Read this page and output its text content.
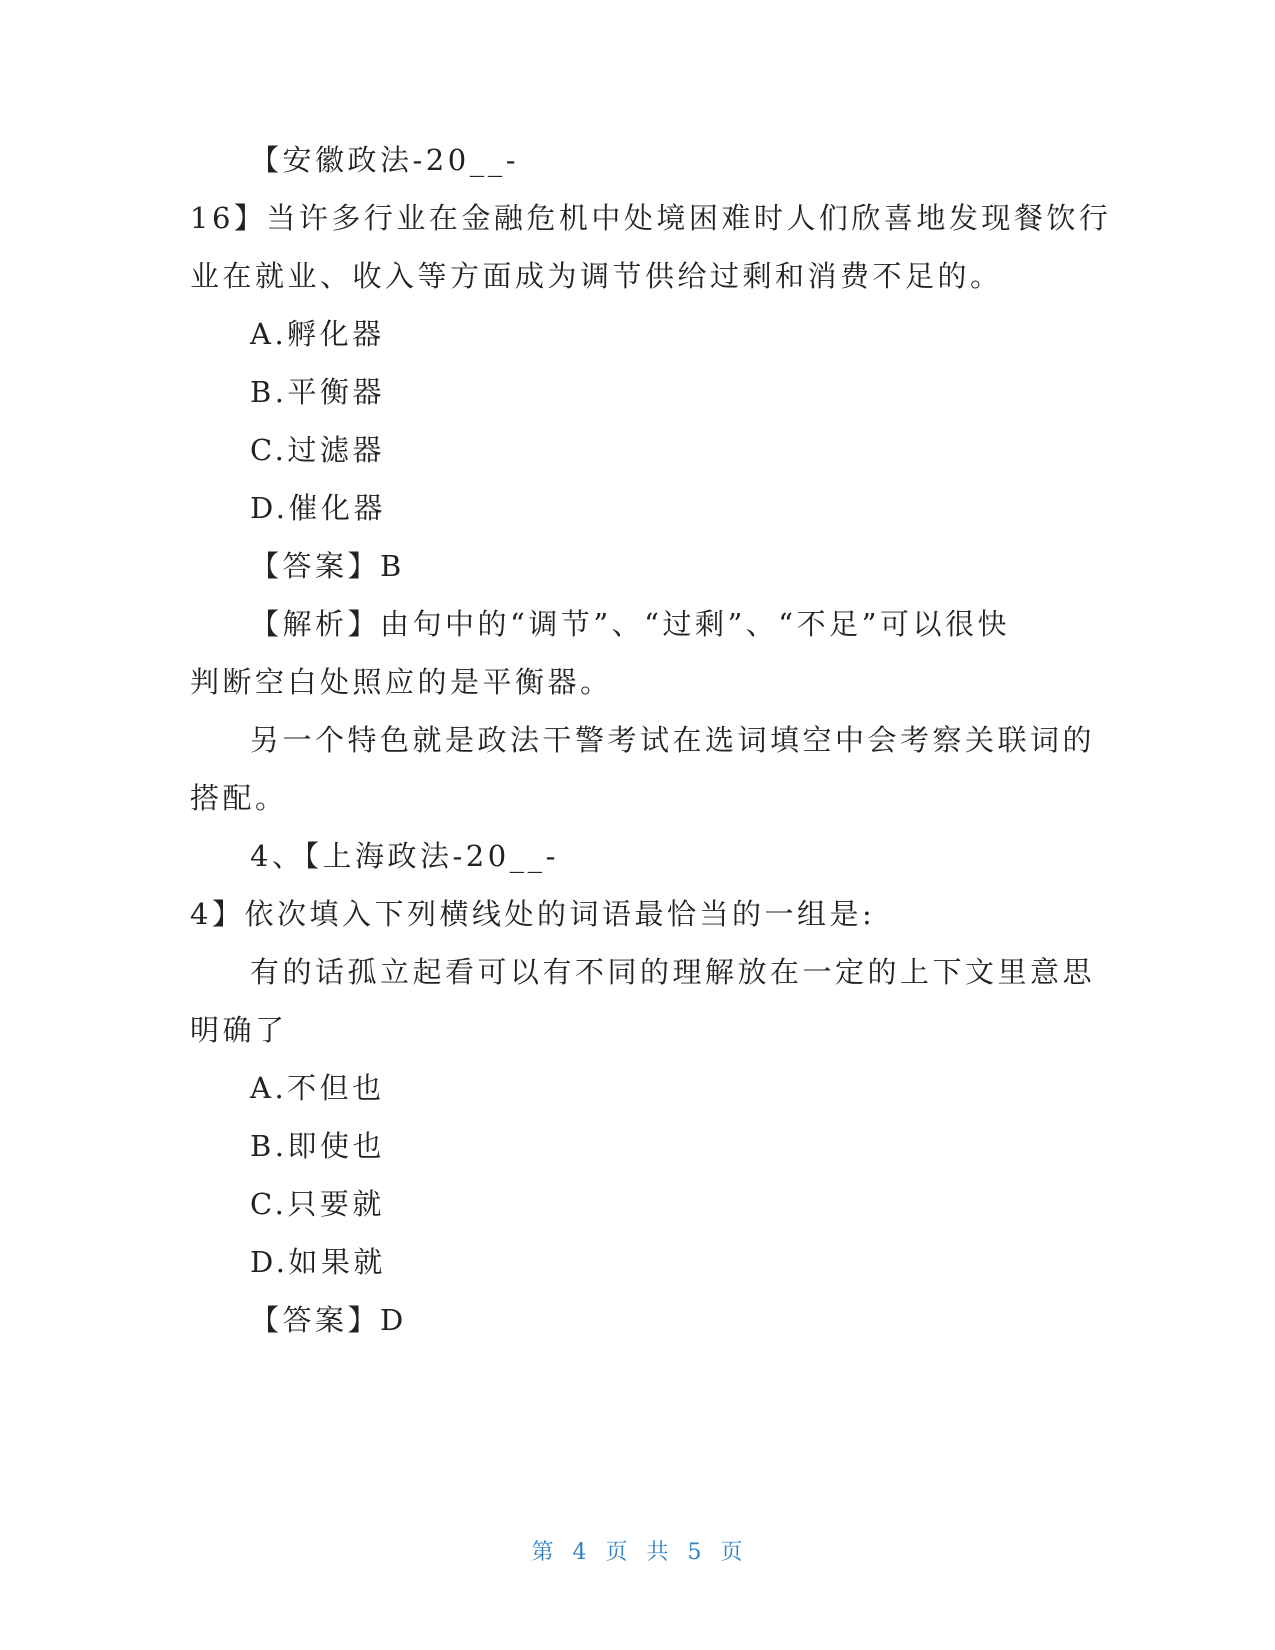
【安徽政法-20__-
16】当许多行业在金融危机中处境困难时人们欣喜地发现餐饮行
业在就业、收入等方面成为调节供给过剩和消费不足的。
A.孵化器
B.平衡器
C.过滤器
D.催化器
【答案】B
【解析】由句中的“调节”、“过剩”、“不足”可以很快
判断空白处照应的是平衡器。
另一个特色就是政法干警考试在选词填空中会考察关联词的
搭配。
4、【上海政法-20__-
4】依次填入下列横线处的词语最恰当的一组是:
有的话孤立起看可以有不同的理解放在一定的上下文里意思
明确了
A.不但也
B.即使也
C.只要就
D.如果就
【答案】D
第 4 页 共 5 页
